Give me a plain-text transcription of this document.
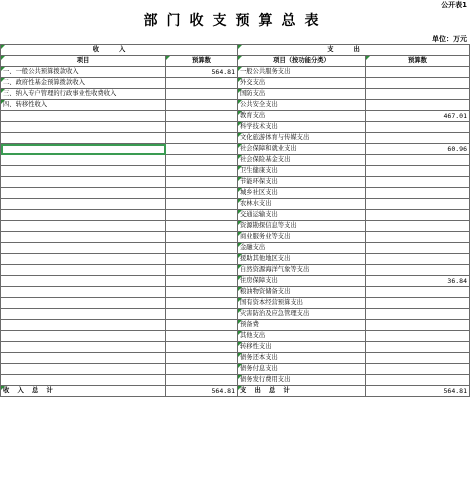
公开表1
部门收支预算总表
单位：万元
收入		支出	
项目	预算数	项目（按功能分类）	预算数
一、一般公共预算拨款收入	564.81	一般公共服务支出	
二、政府性基金预算拨款收入		外交支出	
三、纳入专户管理的行政事业性收费收入		国防支出	
四、转移性收入		公共安全支出	
		教育支出	467.01
		科学技术支出	
		文化旅游体育与传媒支出	
		社会保障和就业支出	60.96
		社会保险基金支出	
		卫生健康支出	
		节能环保支出	
		城乡社区支出	
		农林水支出	
		交通运输支出	
		资源勘探信息等支出	
		商业服务业等支出	
		金融支出	
		援助其他地区支出	
		自然资源海洋气象等支出	
		住房保障支出	36.84
		粮油物资储备支出	
		国有资本经营预算支出	
		灾害防治及应急管理支出	
		预备费	
		其他支出	
		转移性支出	
		债务还本支出	
		债务付息支出	
		债务发行费用支出	
收 入 总 计	564.81	支 出 总 计	564.81
